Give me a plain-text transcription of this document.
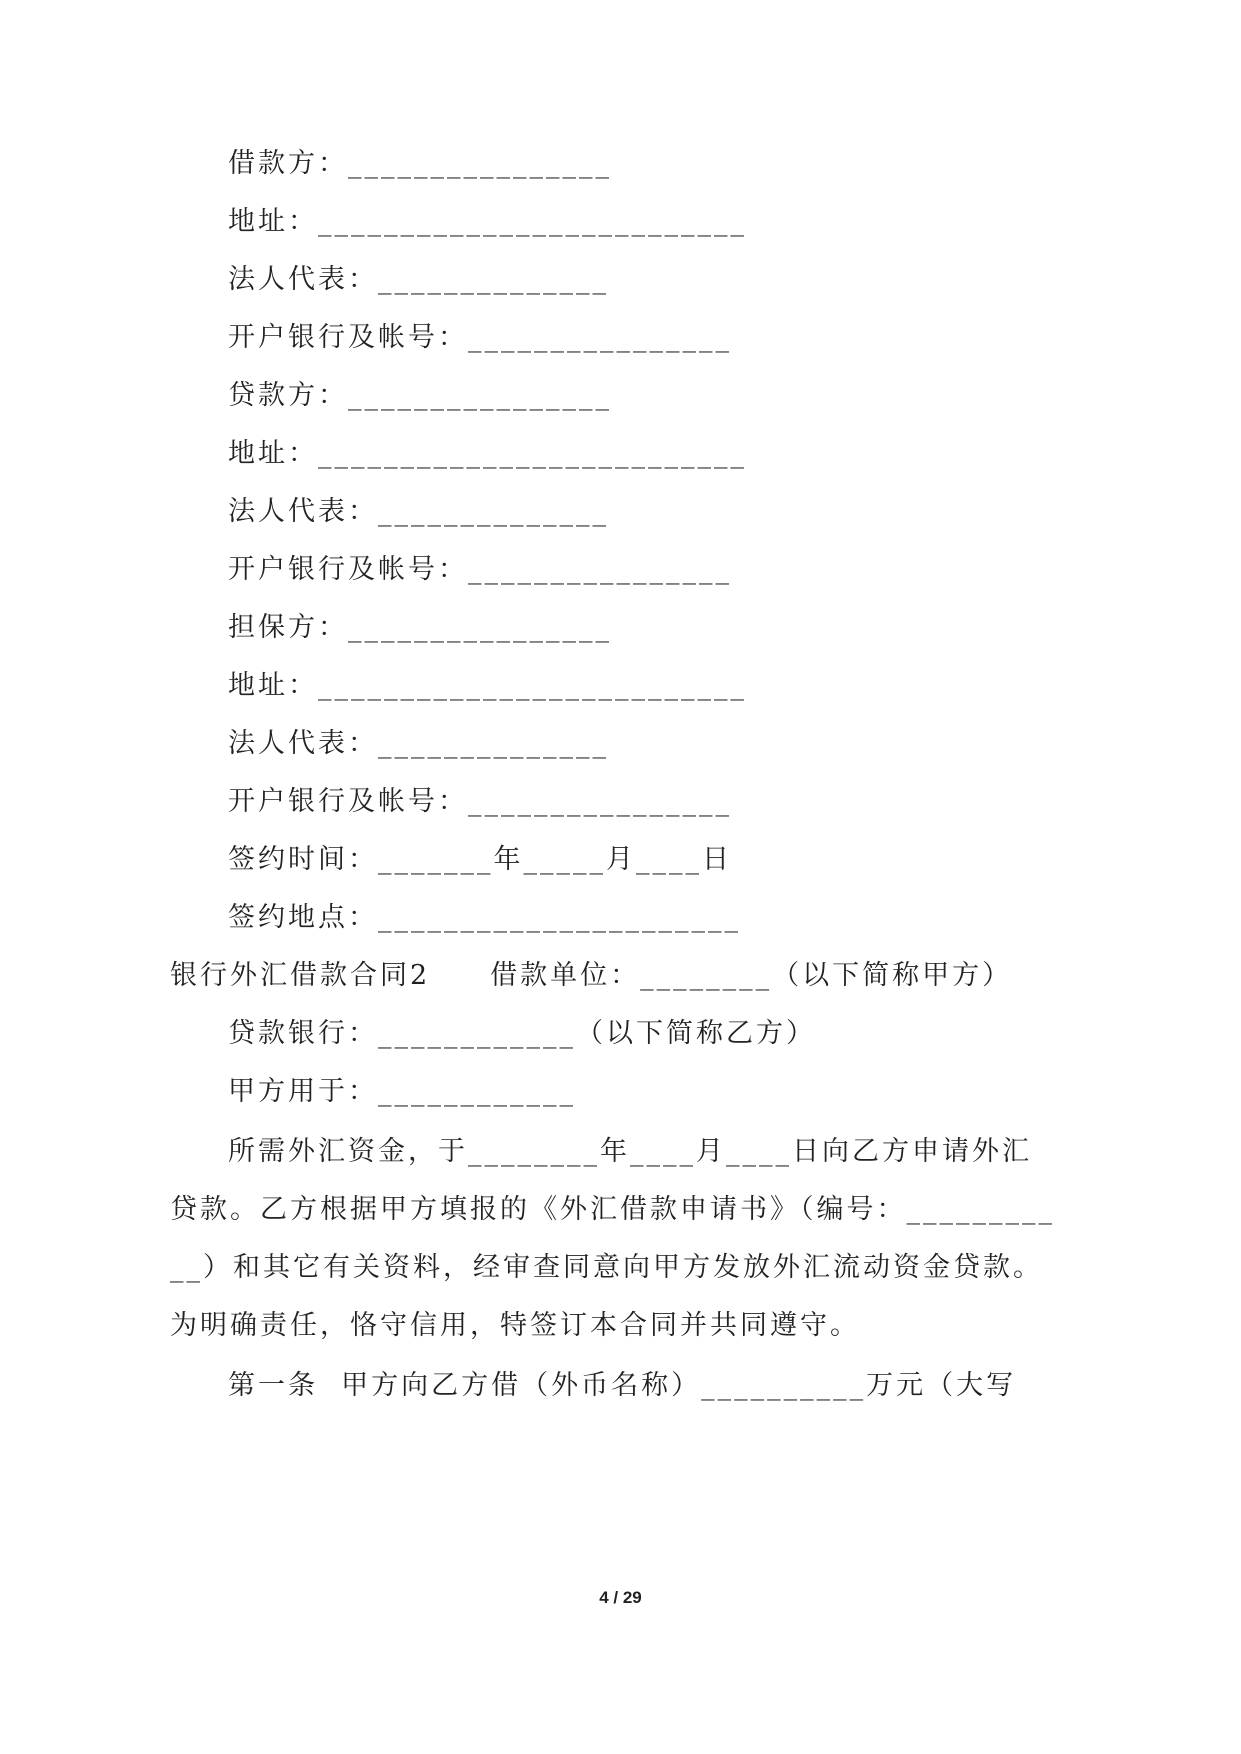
借款方：________________
地址：__________________________
法人代表：______________
开户银行及帐号：________________
贷款方：________________
地址：__________________________
法人代表：______________
开户银行及帐号：________________
担保方：________________
地址：__________________________
法人代表：______________
开户银行及帐号：________________
签约时间：_______年_____月____日
签约地点：______________________
银行外汇借款合同2　　借款单位：________（以下简称甲方）
贷款银行：____________（以下简称乙方）
甲方用于：____________
所需外汇资金，于________年____月____日向乙方申请外汇
贷款。乙方根据甲方填报的《外汇借款申请书》（编号：_________
__）和其它有关资料，经审查同意向甲方发放外汇流动资金贷款。
为明确责任，恪守信用，特签订本合同并共同遵守。
第一条  甲方向乙方借（外币名称）__________万元（大写
4 / 29
